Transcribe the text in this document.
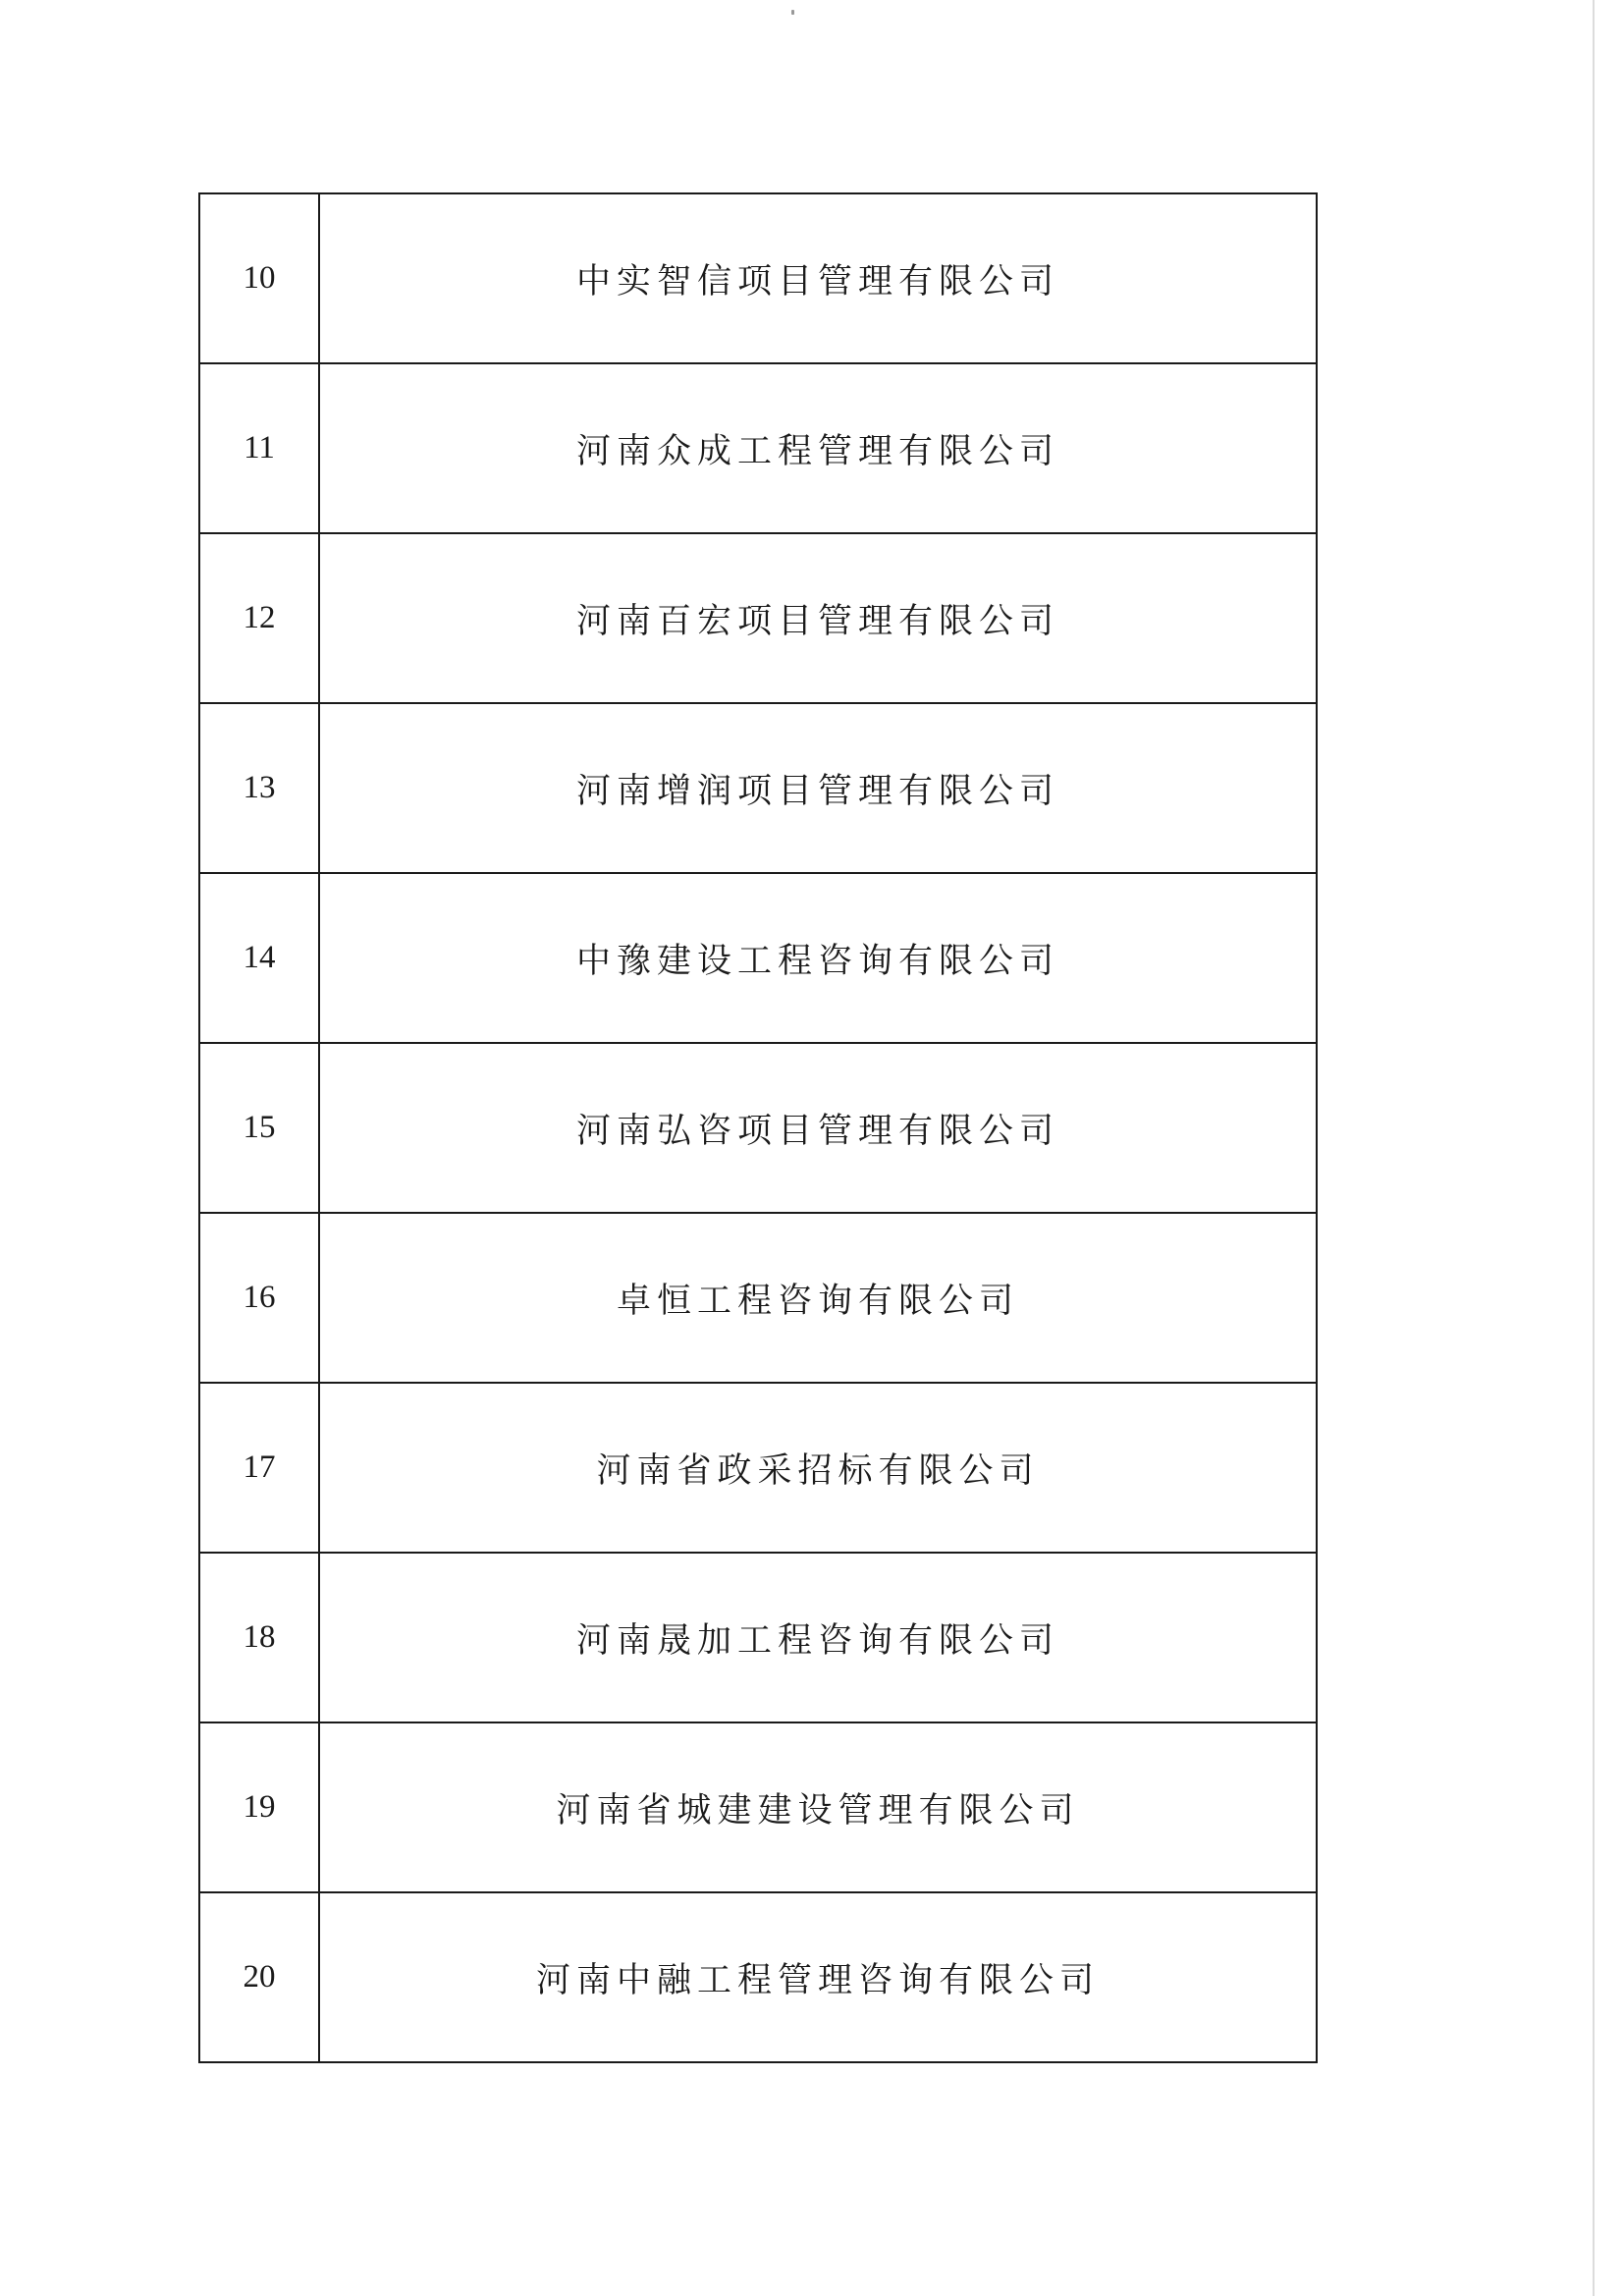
10	中实智信项目管理有限公司
11	河南众成工程管理有限公司
12	河南百宏项目管理有限公司
13	河南增润项目管理有限公司
14	中豫建设工程咨询有限公司
15	河南弘咨项目管理有限公司
16	卓恒工程咨询有限公司
17	河南省政采招标有限公司
18	河南晟加工程咨询有限公司
19	河南省城建建设管理有限公司
20	河南中融工程管理咨询有限公司
